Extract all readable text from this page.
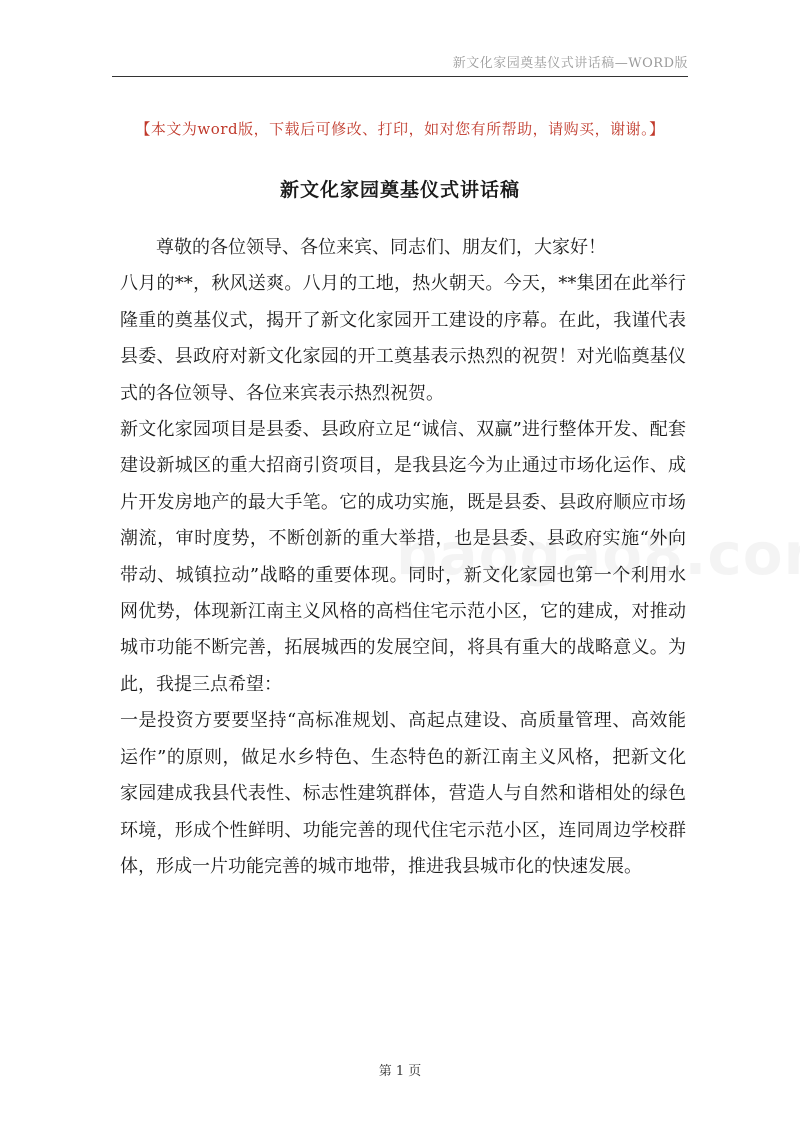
新文化家园奠基仪式讲话稿—WORD版
【本文为word版，下载后可修改、打印，如对您有所帮助，请购买，谢谢。】
新文化家园奠基仪式讲话稿

尊敬的各位领导、各位来宾、同志们、朋友们，大家好！

八月的**，秋风送爽。八月的工地，热火朝天。今天，**集团在此举行隆重的奠基仪式，揭开了新文化家园开工建设的序幕。在此，我谨代表县委、县政府对新文化家园的开工奠基表示热烈的祝贺！对光临奠基仪式的各位领导、各位来宾表示热烈祝贺。

新文化家园项目是县委、县政府立足“诚信、双赢”进行整体开发、配套建设新城区的重大招商引资项目，是我县迄今为止通过市场化运作、成片开发房地产的最大手笔。它的成功实施，既是县委、县政府顺应市场潮流，审时度势，不断创新的重大举措，也是县委、县政府实施“外向带动、城镇拉动”战略的重要体现。同时，新文化家园也第一个利用水网优势，体现新江南主义风格的高档住宅示范小区，它的建成，对推动城市功能不断完善，拓展城西的发展空间，将具有重大的战略意义。为此，我提三点希望：

一是投资方要要坚持“高标准规划、高起点建设、高质量管理、高效能运作”的原则，做足水乡特色、生态特色的新江南主义风格，把新文化家园建成我县代表性、标志性建筑群体，营造人与自然和谐相处的绿色环境，形成个性鲜明、功能完善的现代住宅示范小区，连同周边学校群体，形成一片功能完善的城市地带，推进我县城市化的快速发展。

第 1 页
